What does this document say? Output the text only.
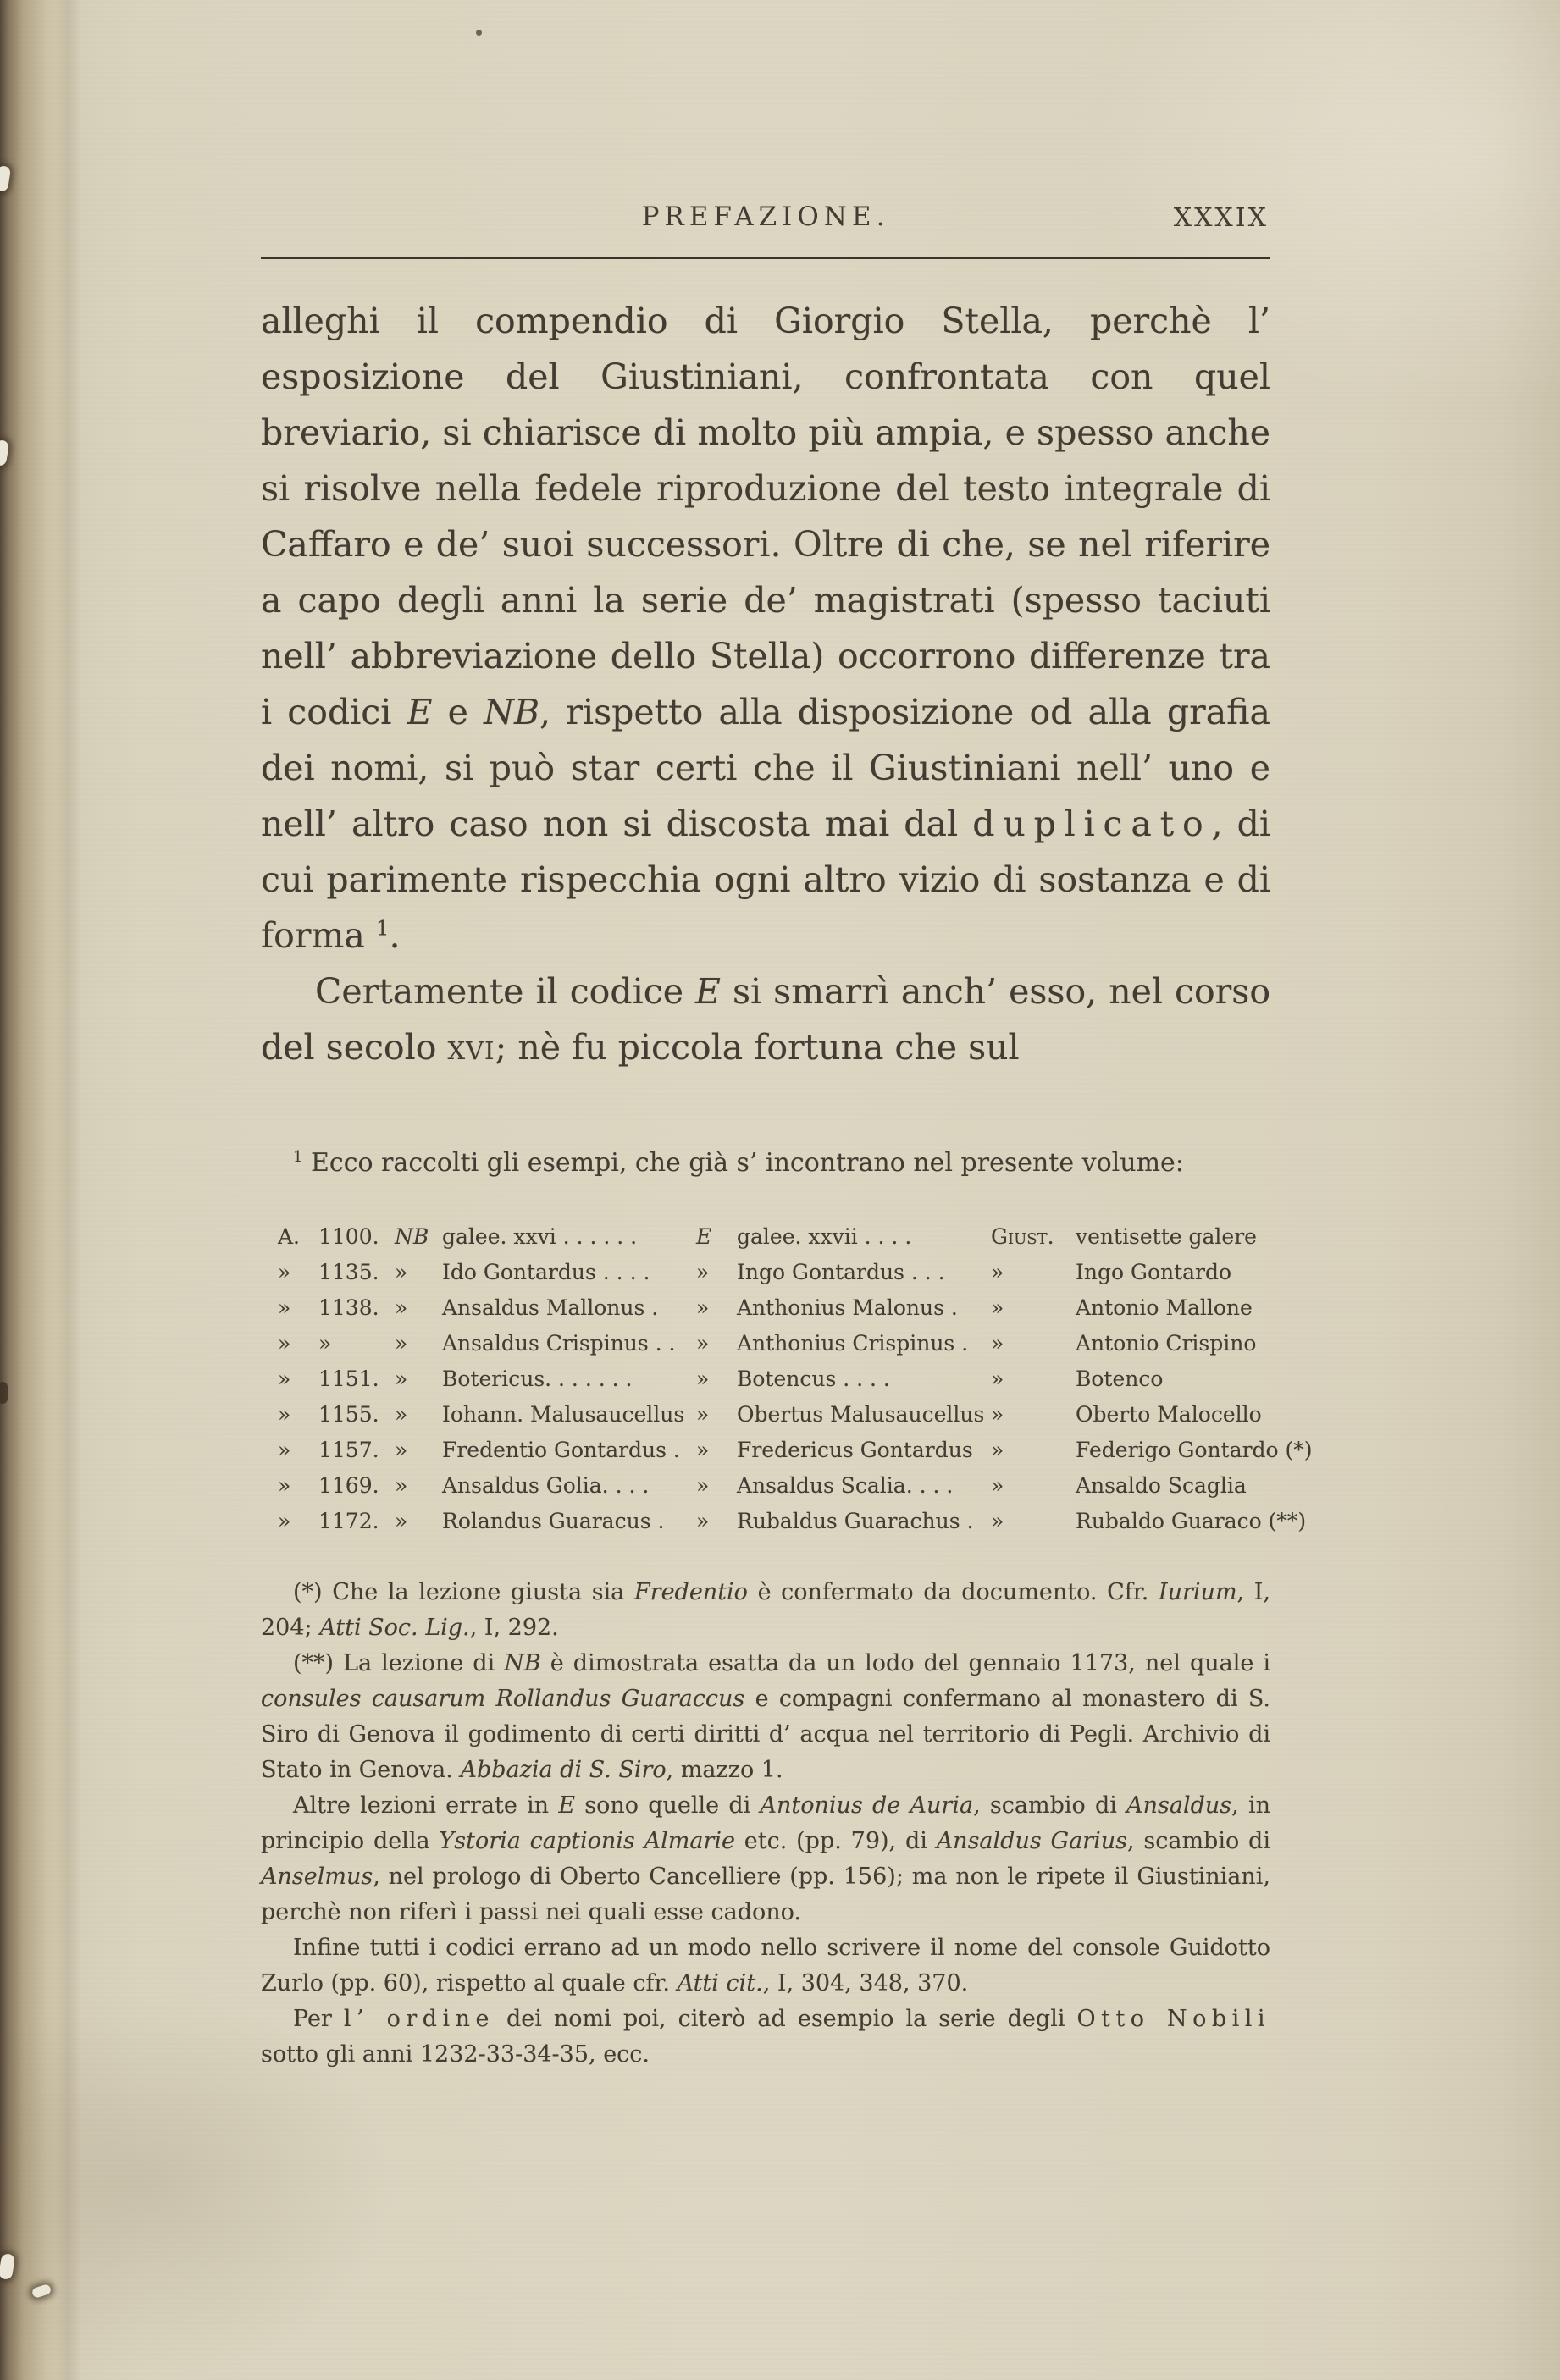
PREFAZIONE.	XXXIX

alleghi il compendio di Giorgio Stella, perchè l’ esposizione del Giustiniani, confrontata con quel breviario, si chiarisce di molto più ampia, e spesso anche si risolve nella fedele riproduzione del testo integrale di Caffaro e de’ suoi successori. Oltre di che, se nel riferire a capo degli anni la serie de’ magistrati (spesso taciuti nell’ abbreviazione dello Stella) occorrono differenze tra i codici E e NB, rispetto alla disposizione od alla grafia dei nomi, si può star certi che il Giustiniani nell’ uno e nell’ altro caso non si discosta mai dal duplicato, di cui parimente rispecchia ogni altro vizio di sostanza e di forma $^1$.

Certamente il codice E si smarrì anch’ esso, nel corso del secolo xvi; nè fu piccola fortuna che sul

$^1$ Ecco raccolti gli esempi, che già s’ incontrano nel presente volume:

A. 1100. NB galee. xxvi . . . . . .	E	galee. xxvii . . . .	Giust.	ventisette galere
»	1135. »	Ido Gontardus . . . .	»	Ingo Gontardus . . .	»	Ingo Gontardo
»	1138. »	Ansaldus Mallonus .	»	Anthonius Malonus .	»	Antonio Mallone
»	»	»	Ansaldus Crispinus . . »	Anthonius Crispinus .	»	Antonio Crispino
»	1151. »	Botericus. . . . . . .	»	Botencus . . . .	»	Botenco
»	1155. »	Iohann. Malusaucellus »	Obertus Malusaucellus »	Oberto Malocello
»	1157. »	Fredentio Gontardus . »	Fredericus Gontardus »	Federigo Gontardo (*)
»	1169. »	Ansaldus Golia. . . .	»	Ansaldus Scalia. . . .	»	Ansaldo Scaglia
»	1172. »	Rolandus Guaracus .	»	Rubaldus Guarachus . »	Rubaldo Guaraco (**)

(*) Che la lezione giusta sia Fredentio è confermato da documento. Cfr. Iurium, I, 204; Atti Soc. Lig., I, 292.

(**) La lezione di NB è dimostrata esatta da un lodo del gennaio 1173, nel quale i consules causarum Rollandus Guaraccus e compagni confermano al monastero di S. Siro di Genova il godimento di certi diritti d’ acqua nel territorio di Pegli. Archivio di Stato in Genova. Abbazia di S. Siro, mazzo 1.

Altre lezioni errate in E sono quelle di Antonius de Auria, scambio di Ansaldus, in principio della Ystoria captionis Almarie etc. (pp. 79), di Ansaldus Garius, scambio di Anselmus, nel prologo di Oberto Cancelliere (pp. 156); ma non le ripete il Giustiniani, perchè non riferì i passi nei quali esse cadono.

Infine tutti i codici errano ad un modo nello scrivere il nome del console Guidotto Zurlo (pp. 60), rispetto al quale cfr. Atti cit., I, 304, 348, 370.

Per l’ ordine dei nomi poi, citerò ad esempio la serie degli Otto Nobili sotto gli anni 1232-33-34-35, ecc.
